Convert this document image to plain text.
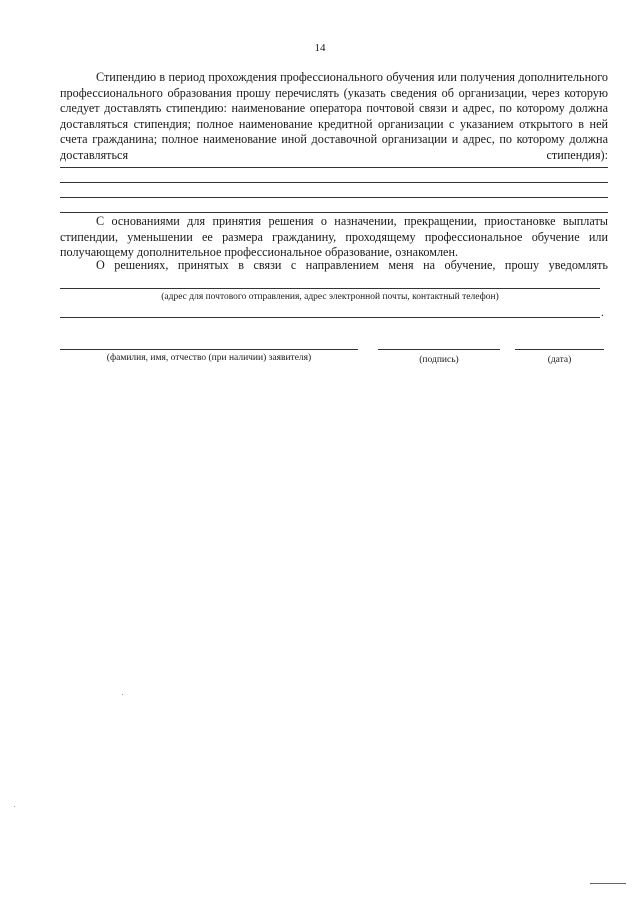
14

Стипендию в период прохождения профессионального обучения или получения дополнительного профессионального образования прошу перечислять (указать сведения об организации, через которую следует доставлять стипендию: наименование оператора почтовой связи и адрес, по которому должна доставляться стипендия; полное наименование кредитной организации с указанием открытого в ней счета гражданина; полное наименование иной доставочной организации и адрес, по которому должна доставляться стипендия):

С основаниями для принятия решения о назначении, прекращении, приостановке выплаты стипендии, уменьшении ее размера гражданину, проходящему профессиональное обучение или получающему дополнительное профессиональное образование, ознакомлен.

О решениях, принятых в связи с направлением меня на обучение, прошу уведомлять

(адрес для почтового отправления, адрес электронной почты, контактный телефон)
.
(фамилия, имя, отчество (при наличии) заявителя)	(подпись)	(дата)
